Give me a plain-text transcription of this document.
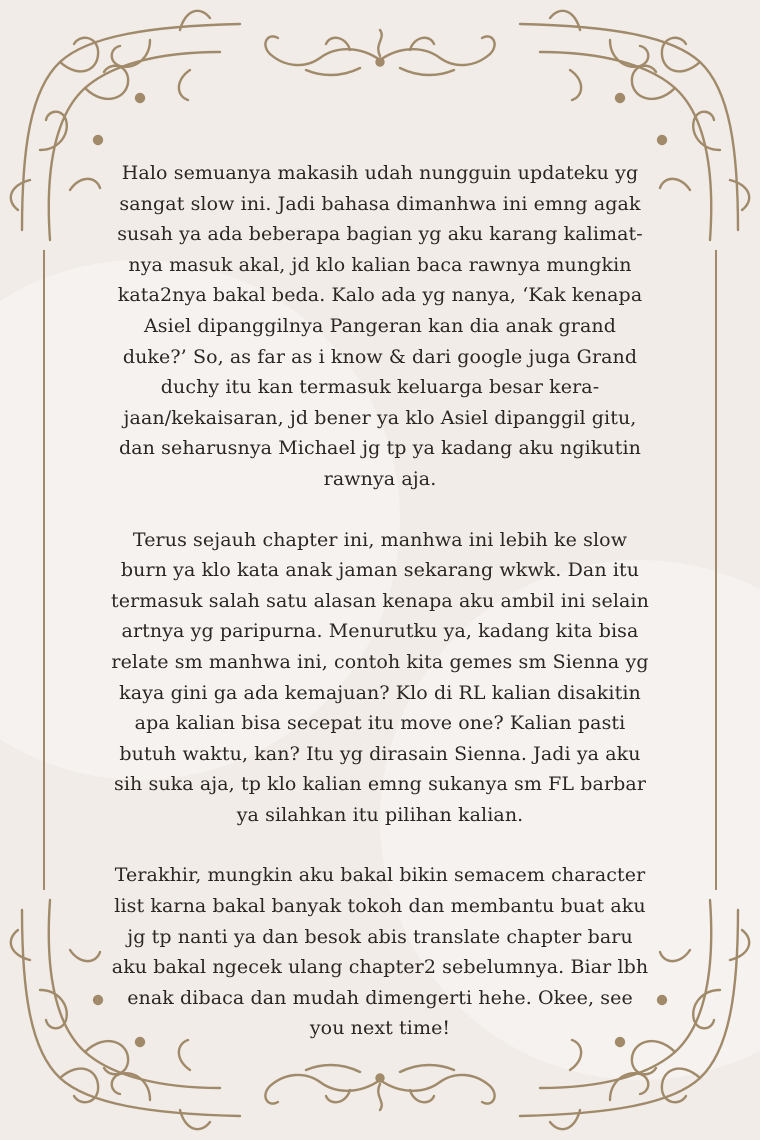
Halo semuanya makasih udah nungguin updateku yg sangat slow ini. Jadi bahasa dimanhwa ini emng agak susah ya ada beberapa bagian yg aku karang kalimat-nya masuk akal, jd klo kalian baca rawnya mungkin kata2nya bakal beda. Kalo ada yg nanya, ‘Kak kenapa Asiel dipanggilnya Pangeran kan dia anak grand duke?’ So, as far as i know & dari google juga Grand duchy itu kan termasuk keluarga besar kera-jaan/kekaisaran, jd bener ya klo Asiel dipanggil gitu, dan seharusnya Michael jg tp ya kadang aku ngikutin rawnya aja.

Terus sejauh chapter ini, manhwa ini lebih ke slow burn ya klo kata anak jaman sekarang wkwk. Dan itu termasuk salah satu alasan kenapa aku ambil ini selain artnya yg paripurna. Menurutku ya, kadang kita bisa relate sm manhwa ini, contoh kita gemes sm Sienna yg kaya gini ga ada kemajuan? Klo di RL kalian disakitin apa kalian bisa secepat itu move one? Kalian pasti butuh waktu, kan? Itu yg dirasain Sienna. Jadi ya aku sih suka aja, tp klo kalian emng sukanya sm FL barbar ya silahkan itu pilihan kalian.

Terakhir, mungkin aku bakal bikin semacem character list karna bakal banyak tokoh dan membantu buat aku jg tp nanti ya dan besok abis translate chapter baru aku bakal ngecek ulang chapter2 sebelumnya. Biar lbh enak dibaca dan mudah dimengerti hehe. Okee, see you next time!
